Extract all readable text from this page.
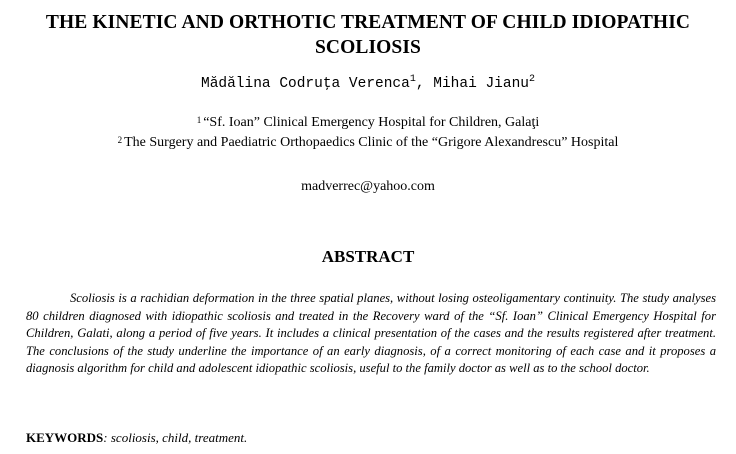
THE KINETIC AND ORTHOTIC TREATMENT OF CHILD IDIOPATHIC SCOLIOSIS
Mădălina Codruţa Verenca$^1$, Mihai Jianu$^2$
$^1$ “Sf. Ioan” Clinical Emergency Hospital for Children, Galaţi
$^2$ The Surgery and Paediatric Orthopaedics Clinic of the “Grigore Alexandrescu” Hospital
madverrec@yahoo.com
ABSTRACT
Scoliosis is a rachidian deformation in the three spatial planes, without losing osteoligamentary continuity. The study analyses 80 children diagnosed with idiopathic scoliosis and treated in the Recovery ward of the “Sf. Ioan” Clinical Emergency Hospital for Children, Galati, along a period of five years. It includes a clinical presentation of the cases and the results registered after treatment. The conclusions of the study underline the importance of an early diagnosis, of a correct monitoring of each case and it proposes a diagnosis algorithm for child and adolescent idiopathic scoliosis, useful to the family doctor as well as to the school doctor.
KEYWORDS: scoliosis, child, treatment.
